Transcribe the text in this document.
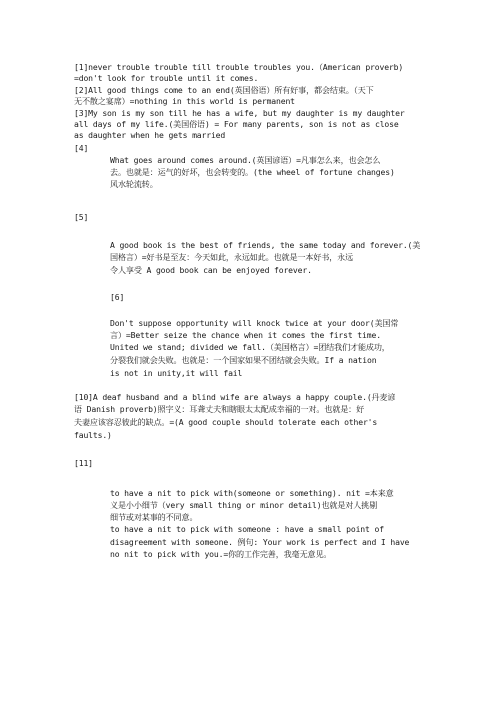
[1]never trouble trouble till trouble troubles you.（American proverb)
=don't look for trouble until it comes.
[2]All good things come to an end(英国俗语）所有好事，都会结束。（天下
无不散之宴席）=nothing in this world is permanent
[3]My son is my son till he has a wife, but my daughter is my daughter
all days of my life.(美国俗语) = For many parents, son is not as close
as daughter when he gets married
[4]
What goes around comes around.(英国谚语）=凡事怎么来，也会怎么
去。也就是：运气的好坏，也会转变的。(the wheel of fortune changes)
风水轮流转。
[5]
A good book is the best of friends, the same today and forever.(美
国格言）=好书是至友：今天如此，永远如此。也就是一本好书，永远
令人享受 A good book can be enjoyed forever.
[6]
Don't suppose opportunity will knock twice at your door(美国常
言）=Better seize the chance when it comes the first time.
United we stand; divided we fall.（美国格言）=团结我们才能成功，
分裂我们就会失败。也就是：一个国家如果不团结就会失败。If a nation
is not in unity,it will fail
[10]A deaf husband and a blind wife are always a happy couple.(丹麦谚
语 Danish proverb)照字义：耳聋丈夫和瞎眼太太配成幸福的一对。也就是：好
夫妻应该容忍彼此的缺点。=(A good couple should tolerate each other's
faults.)
[11]
to have a nit to pick with(someone or something). nit =本来意
义是小小细节（very small thing or minor detail)也就是对人挑剔
细节或对某事的不同意。
to have a nit to pick with someone : have a small point of
disagreement with someone. 例句: Your work is perfect and I have
no nit to pick with you.=你的工作完善，我毫无意见。
